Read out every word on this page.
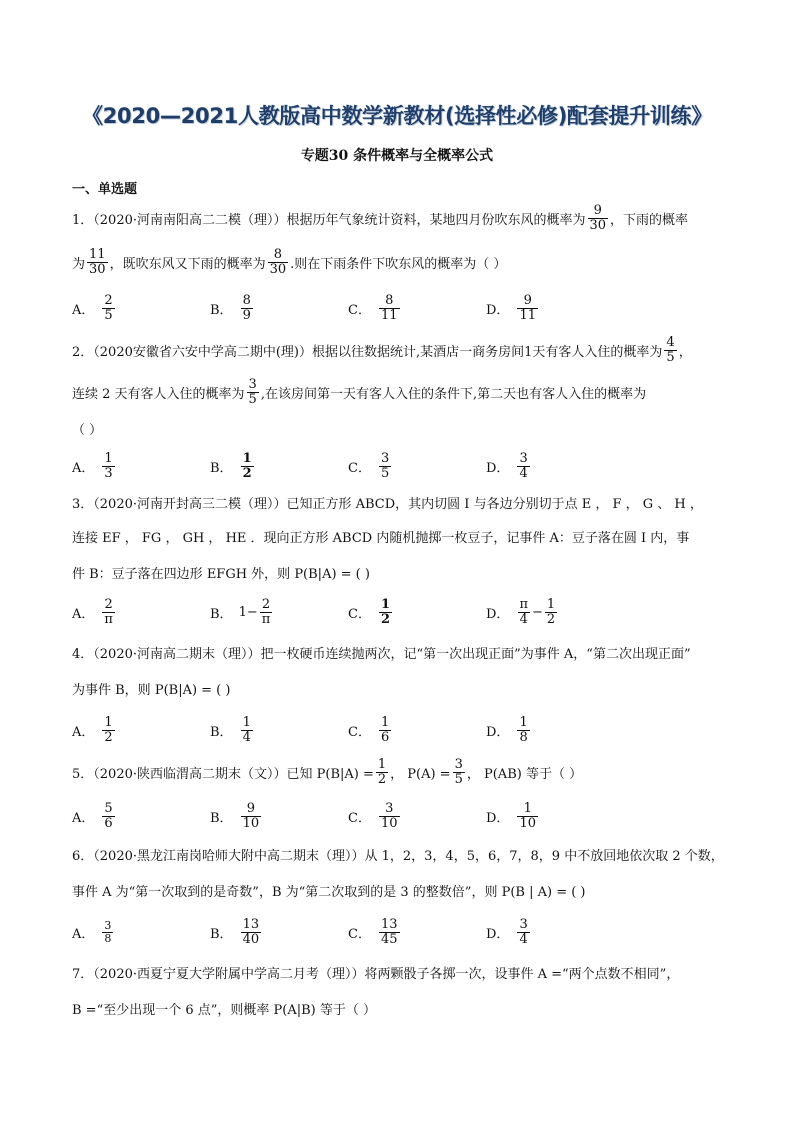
《2020—2021人教版高中数学新教材(选择性必修)配套提升训练》
专题30 条件概率与全概率公式
一、单选题
1．（2020·河南南阳高二二模（理））根据历年气象统计资料，某地四月份吹东风的概率为 $\frac{9}{30}$ ，下雨的概率
为 $\frac{11}{30}$ ，既吹东风又下雨的概率为 $\frac{8}{30}$ .则在下雨条件下吹东风的概率为（ ）
A． $\frac{2}{5}$	B． $\frac{8}{9}$	C． $\frac{8}{11}$	D． $\frac{9}{11}$
2．（2020安徽省六安中学高二期中(理)）根据以往数据统计,某酒店一商务房间1天有客人入住的概率为 $\frac{4}{5}$ ，
连续 2 天有客人入住的概率为 $\frac{3}{5}$ ,在该房间第一天有客人入住的条件下,第二天也有客人入住的概率为
（ ）
A． $\frac{1}{3}$	B． $\frac{1}{2}$	C． $\frac{3}{5}$	D． $\frac{3}{4}$
3．（2020·河南开封高三二模（理））已知正方形 ABCD，其内切圆 I 与各边分别切于点 E ， F ， G 、 H ，
连接 EF ， FG ， GH ， HE ．现向正方形 ABCD 内随机抛掷一枚豆子，记事件 A：豆子落在圆 I 内，事
件 B：豆子落在四边形 EFGH 外，则 P(B|A) = ( )
A． $\frac{2}{\pi}$	B． $1- \frac{2}{\pi}$	C． $\frac{1}{2}$	D． $\frac{\pi}{4} - \frac{1}{2}$
4．（2020·河南高二期末（理））把一枚硬币连续抛两次，记“第一次出现正面”为事件 A，“第二次出现正面”
为事件 B，则 P(B|A) = ( )
A． $\frac{1}{2}$	B． $\frac{1}{4}$	C． $\frac{1}{6}$	D． $\frac{1}{8}$
5．（2020·陕西临渭高二期末（文））已知 $P(B|A) = \frac{1}{2}$ ， $P(A) = \frac{3}{5}$ ， P(AB) 等于（ ）
A． $\frac{5}{6}$	B． $\frac{9}{10}$	C． $\frac{3}{10}$	D． $\frac{1}{10}$
6．（2020·黑龙江南岗哈师大附中高二期末（理））从 1，2，3，4，5，6，7，8，9 中不放回地依次取 2 个数，
事件 A 为“第一次取到的是奇数”，B 为“第二次取到的是 3 的整数倍”，则 P(B | A) = ( )
A． $\frac{3}{8}$	B． $\frac{13}{40}$	C． $\frac{13}{45}$	D． $\frac{3}{4}$
7．（2020·西夏宁夏大学附属中学高二月考（理））将两颗骰子各掷一次，设事件 A =“两个点数不相同”，
B =“至少出现一个 6 点”，则概率 P(A|B) 等于（ ）
